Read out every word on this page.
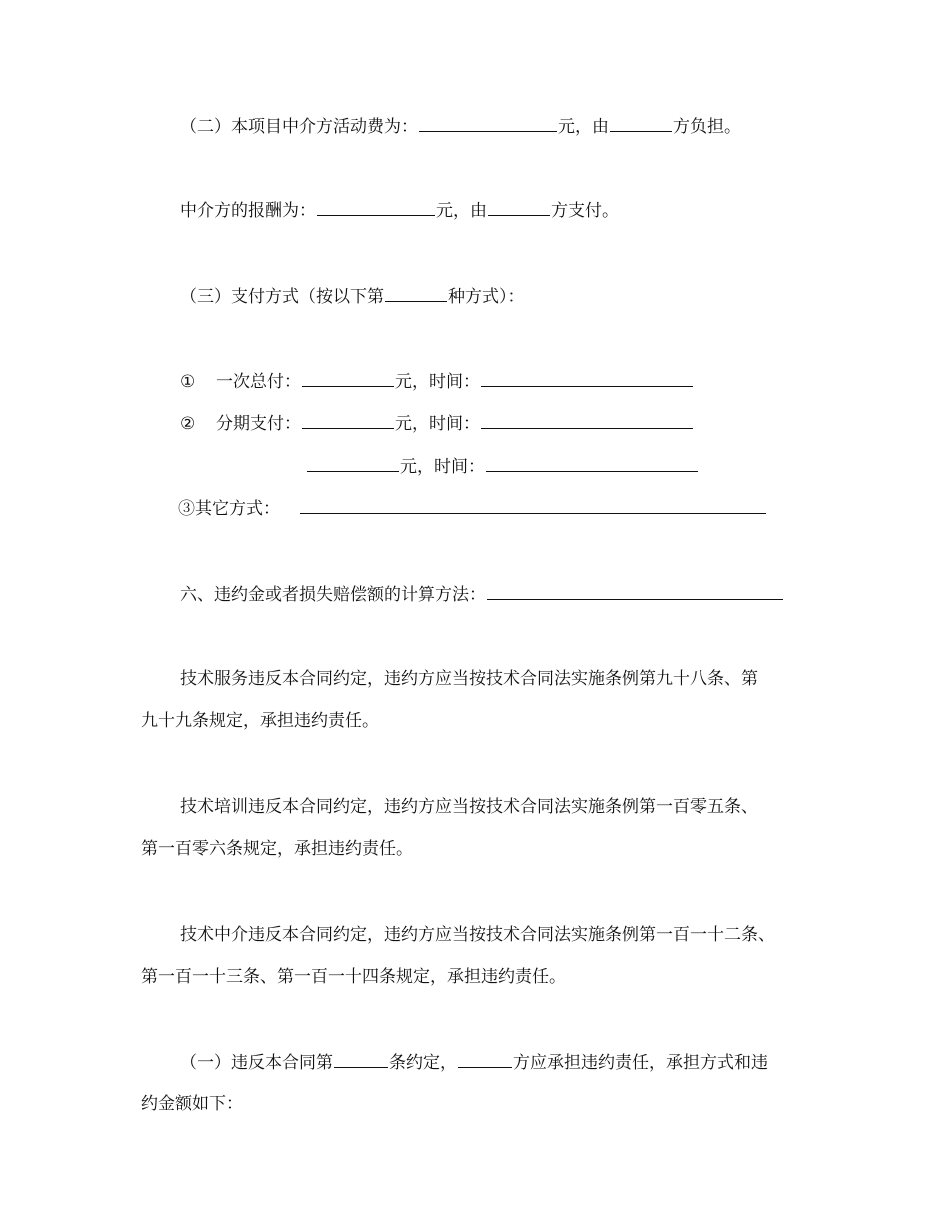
（二）本项目中介方活动费为：	元，由	方负担。
中介方的报酬为：	元，由	方支付。
（三）支付方式（按以下第	种方式）：
① 一次总付：	元，时间：
② 分期支付：	元，时间：
元，时间：
③其它方式：
六、违约金或者损失赔偿额的计算方法：
技术服务违反本合同约定，违约方应当按技术合同法实施条例第九十八条、第
九十九条规定，承担违约责任。
技术培训违反本合同约定，违约方应当按技术合同法实施条例第一百零五条、
第一百零六条规定，承担违约责任。
技术中介违反本合同约定，违约方应当按技术合同法实施条例第一百一十二条、
第一百一十三条、第一百一十四条规定，承担违约责任。
（一）违反本合同第	条约定，	方应承担违约责任，承担方式和违
约金额如下：
